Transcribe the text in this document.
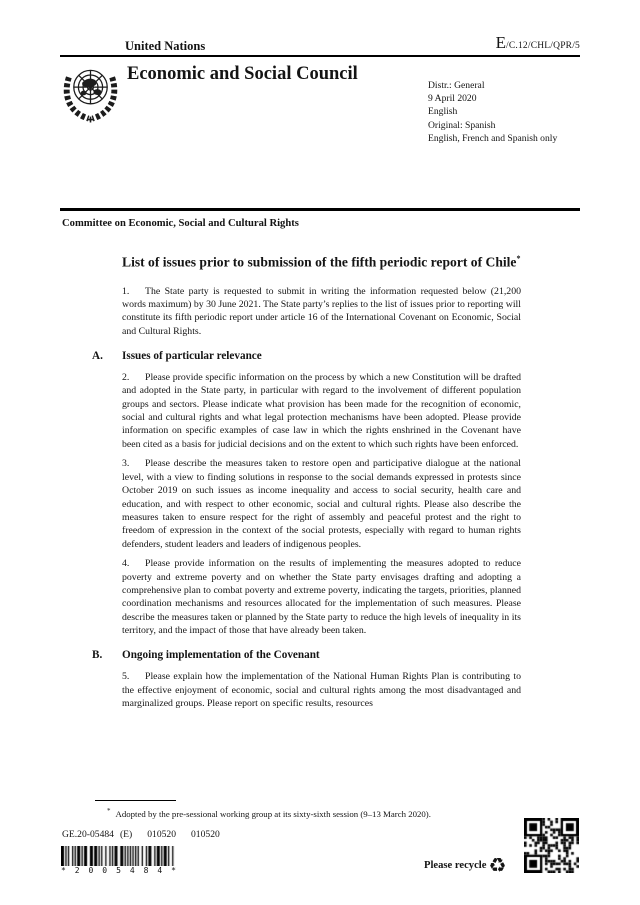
United Nations	E/C.12/CHL/QPR/5
Economic and Social Council
Distr.: General
9 April 2020
English
Original: Spanish
English, French and Spanish only
Committee on Economic, Social and Cultural Rights
List of issues prior to submission of the fifth periodic report of Chile*

1. The State party is requested to submit in writing the information requested below (21,200 words maximum) by 30 June 2021. The State party’s replies to the list of issues prior to reporting will constitute its fifth periodic report under article 16 of the International Covenant on Economic, Social and Cultural Rights.

A. Issues of particular relevance

2. Please provide specific information on the process by which a new Constitution will be drafted and adopted in the State party, in particular with regard to the involvement of different population groups and sectors. Please indicate what provision has been made for the recognition of economic, social and cultural rights and what legal protection mechanisms have been adopted. Please provide information on specific examples of case law in which the rights enshrined in the Covenant have been cited as a basis for judicial decisions and on the extent to which such rights have been enforced.

3. Please describe the measures taken to restore open and participative dialogue at the national level, with a view to finding solutions in response to the social demands expressed in protests since October 2019 on such issues as income inequality and access to social security, health care and education, and with respect to other economic, social and cultural rights. Please also describe the measures taken to ensure respect for the right of assembly and peaceful protest and the right to freedom of expression in the context of the social protests, especially with regard to human rights defenders, student leaders and leaders of indigenous peoples.

4. Please provide information on the results of implementing the measures adopted to reduce poverty and extreme poverty and on whether the State party envisages drafting and adopting a comprehensive plan to combat poverty and extreme poverty, indicating the targets, priorities, planned coordination mechanisms and resources allocated for the implementation of such measures. Please describe the measures taken or planned by the State party to reduce the high levels of inequality in its territory, and the impact of those that have already been taken.

B. Ongoing implementation of the Covenant

5. Please explain how the implementation of the National Human Rights Plan is contributing to the effective enjoyment of economic, social and cultural rights among the most disadvantaged and marginalized groups. Please report on specific results, resources

* Adopted by the pre-sessional working group at its sixty-sixth session (9–13 March 2020).
GE.20-05484 (E) 010520 010520
* 2 0 0 5 4 8 4 *	Please recycle ♻
